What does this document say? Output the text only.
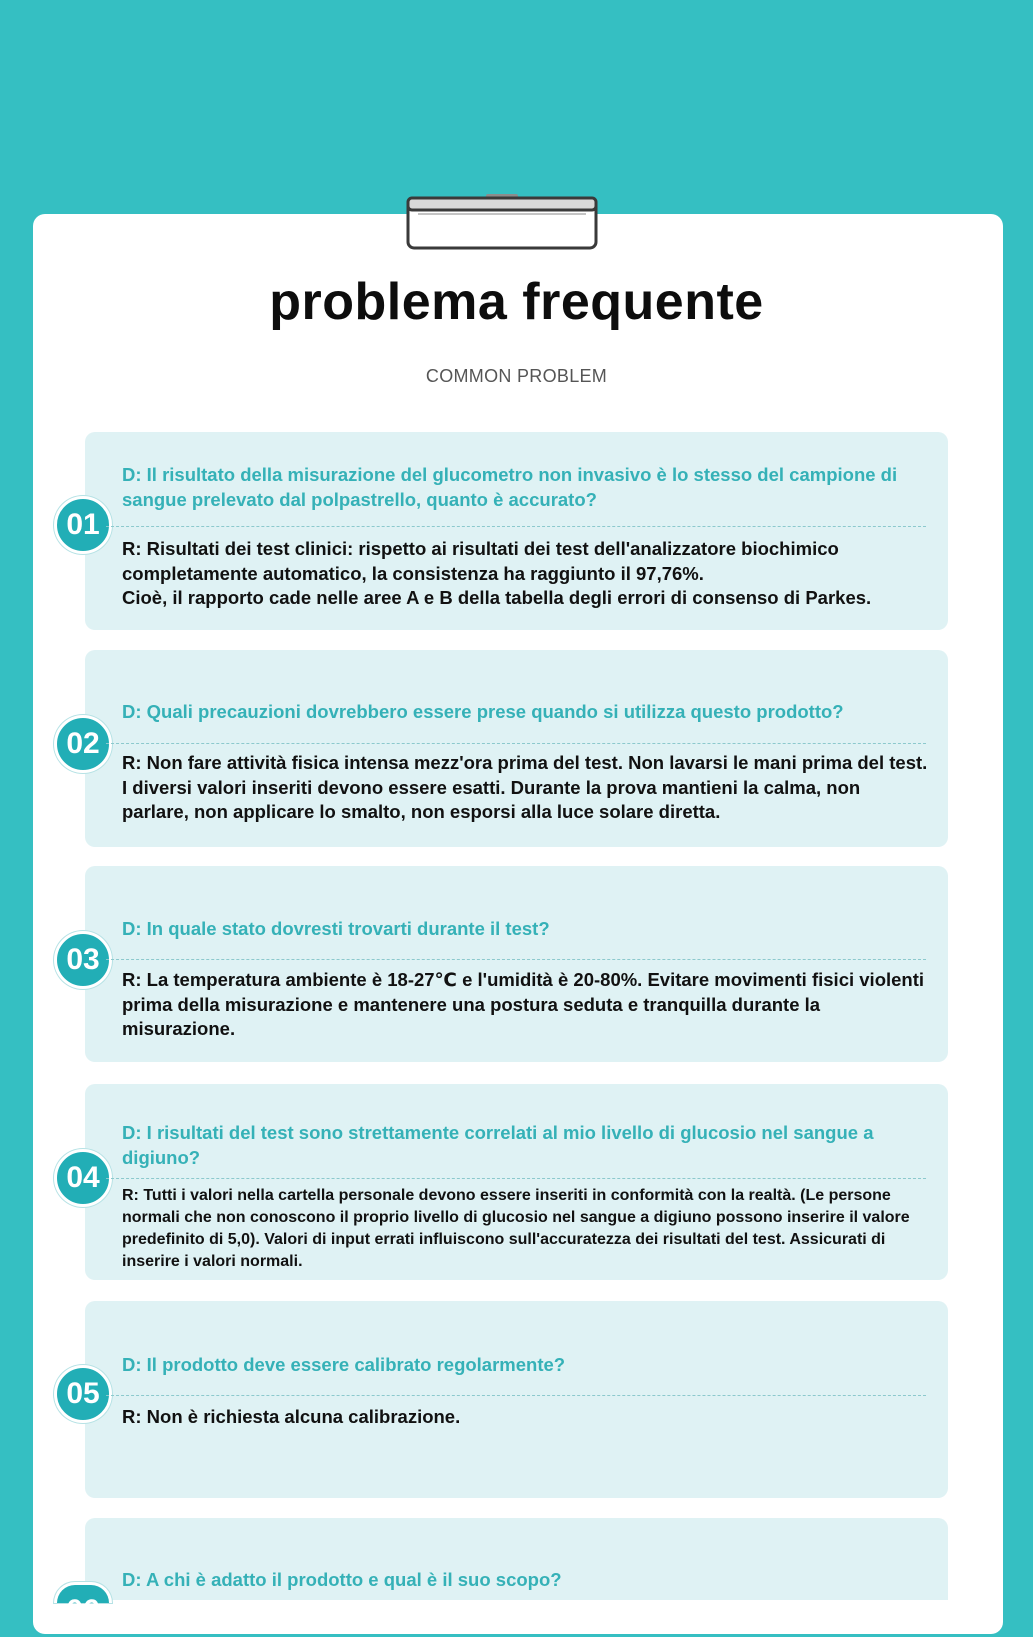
problema frequente

COMMON PROBLEM

01

D: Il risultato della misurazione del glucometro non invasivo è lo stesso del campione di sangue prelevato dal polpastrello, quanto è accurato?

R: Risultati dei test clinici: rispetto ai risultati dei test dell'analizzatore biochimico completamente automatico, la consistenza ha raggiunto il 97,76%.
Cioè, il rapporto cade nelle aree A e B della tabella degli errori di consenso di Parkes.
02

D: Quali precauzioni dovrebbero essere prese quando si utilizza questo prodotto?

R: Non fare attività fisica intensa mezz'ora prima del test. Non lavarsi le mani prima del test. I diversi valori inseriti devono essere esatti. Durante la prova mantieni la calma, non parlare, non applicare lo smalto, non esporsi alla luce solare diretta.
03

D: In quale stato dovresti trovarti durante il test?

R: La temperatura ambiente è 18-27℃ e l'umidità è 20-80%. Evitare movimenti fisici violenti prima della misurazione e mantenere una postura seduta e tranquilla durante la misurazione.
04

D: I risultati del test sono strettamente correlati al mio livello di glucosio nel sangue a digiuno?

R: Tutti i valori nella cartella personale devono essere inseriti in conformità con la realtà. (Le persone normali che non conoscono il proprio livello di glucosio nel sangue a digiuno possono inserire il valore predefinito di 5,0). Valori di input errati influiscono sull'accuratezza dei risultati del test. Assicurati di inserire i valori normali.
05

D: Il prodotto deve essere calibrato regolarmente?

R: Non è richiesta alcuna calibrazione.

D: A chi è adatto il prodotto e qual è il suo scopo?
